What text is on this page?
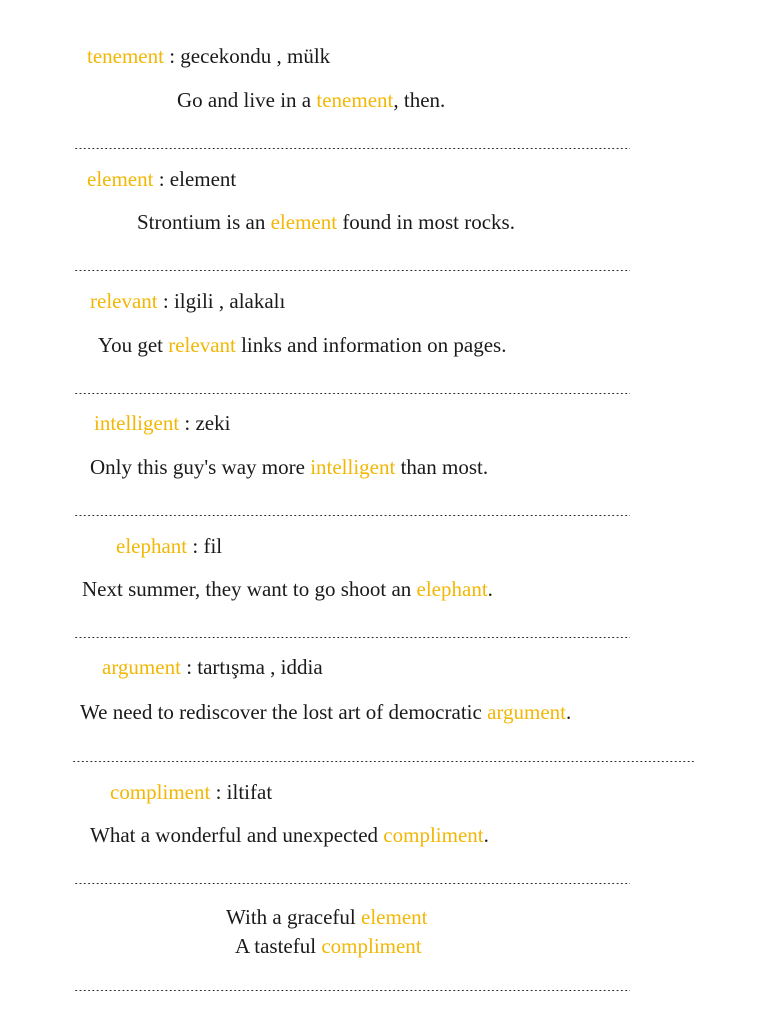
tenement : gecekondu , mülk
Go and live in a tenement, then.
element : element
Strontium is an element found in most rocks.
relevant : ilgili , alakalı
You get relevant links and information on pages.
intelligent : zeki
Only this guy's way more intelligent than most.
elephant : fil
Next summer, they want to go shoot an elephant.
argument : tartışma , iddia
We need to rediscover the lost art of democratic argument.
compliment : iltifat
What a wonderful and unexpected compliment.
With a graceful element
A tasteful compliment
